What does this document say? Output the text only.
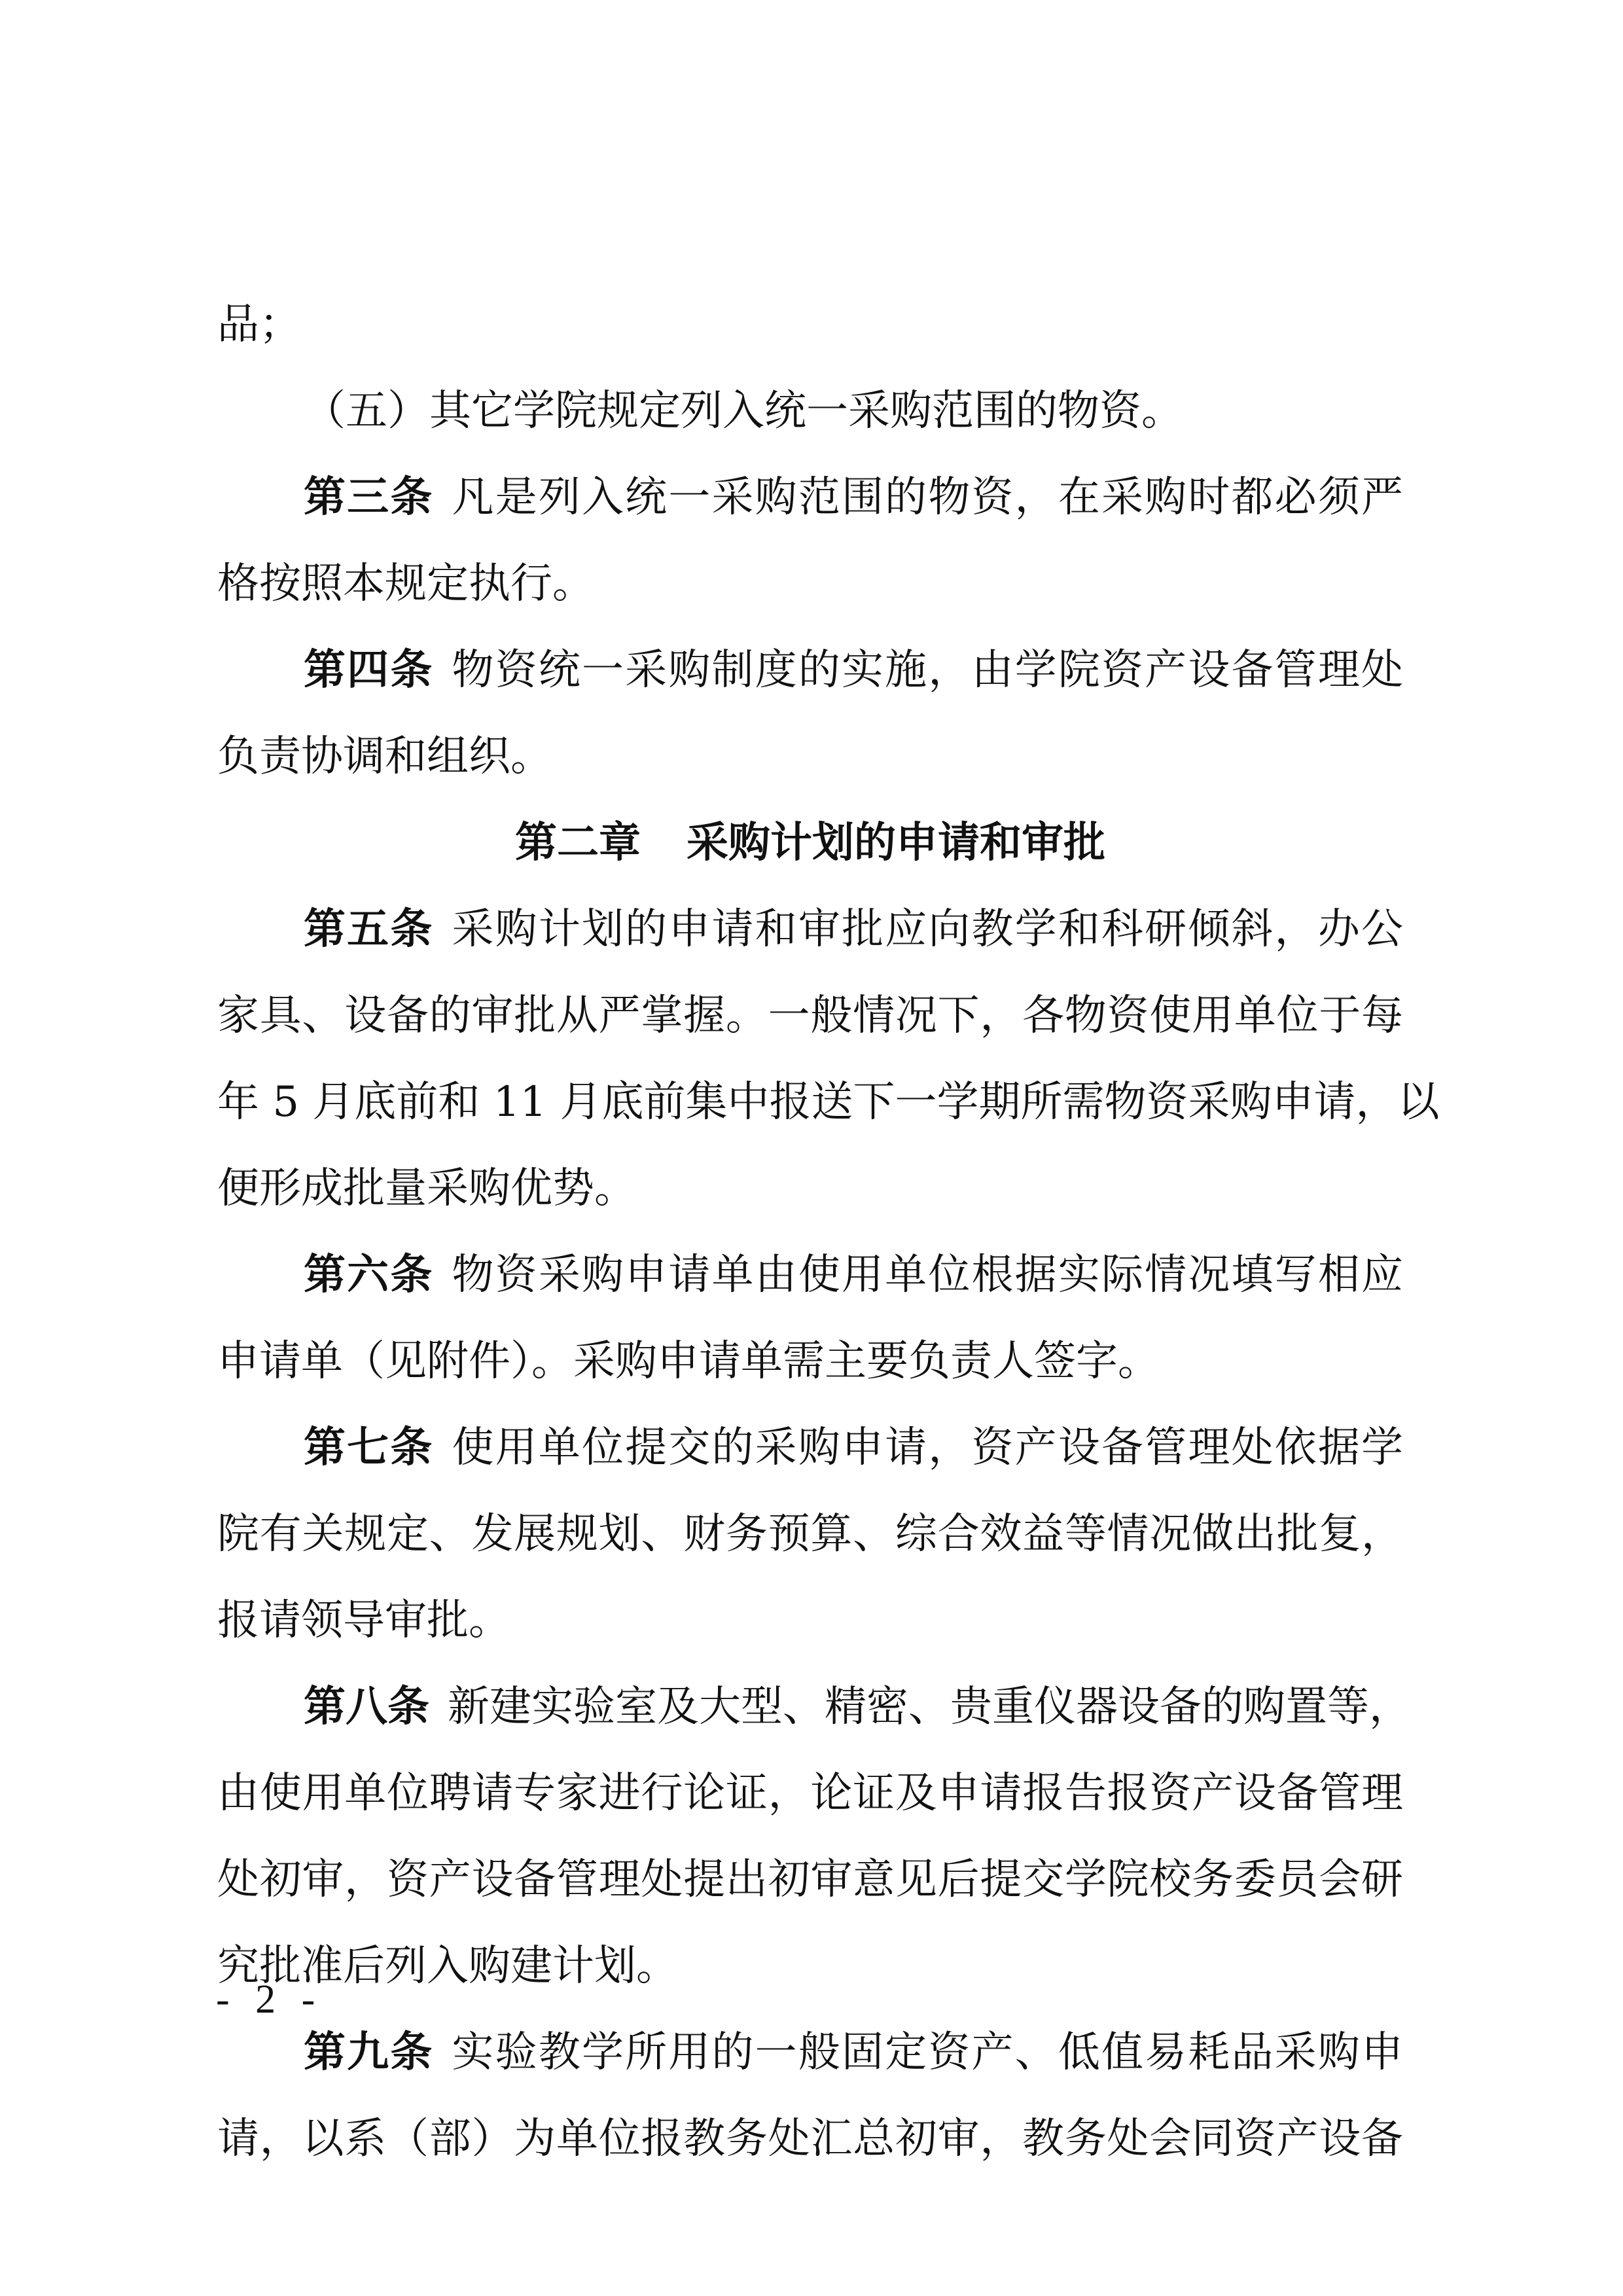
品；
（五）其它学院规定列入统一采购范围的物资。
第三条 凡是列入统一采购范围的物资，在采购时都必须严
格按照本规定执行。
第四条 物资统一采购制度的实施，由学院资产设备管理处
负责协调和组织。
第二章 采购计划的申请和审批
第五条 采购计划的申请和审批应向教学和科研倾斜，办公
家具、设备的审批从严掌握。一般情况下，各物资使用单位于每
年 5 月底前和 11 月底前集中报送下一学期所需物资采购申请，以
便形成批量采购优势。
第六条 物资采购申请单由使用单位根据实际情况填写相应
申请单（见附件）。采购申请单需主要负责人签字。
第七条 使用单位提交的采购申请，资产设备管理处依据学
院有关规定、发展规划、财务预算、综合效益等情况做出批复，
报请领导审批。
第八条 新建实验室及大型、精密、贵重仪器设备的购置等，
由使用单位聘请专家进行论证，论证及申请报告报资产设备管理
处初审，资产设备管理处提出初审意见后提交学院校务委员会研
究批准后列入购建计划。
第九条 实验教学所用的一般固定资产、低值易耗品采购申
请，以系（部）为单位报教务处汇总初审，教务处会同资产设备
- 2 -
